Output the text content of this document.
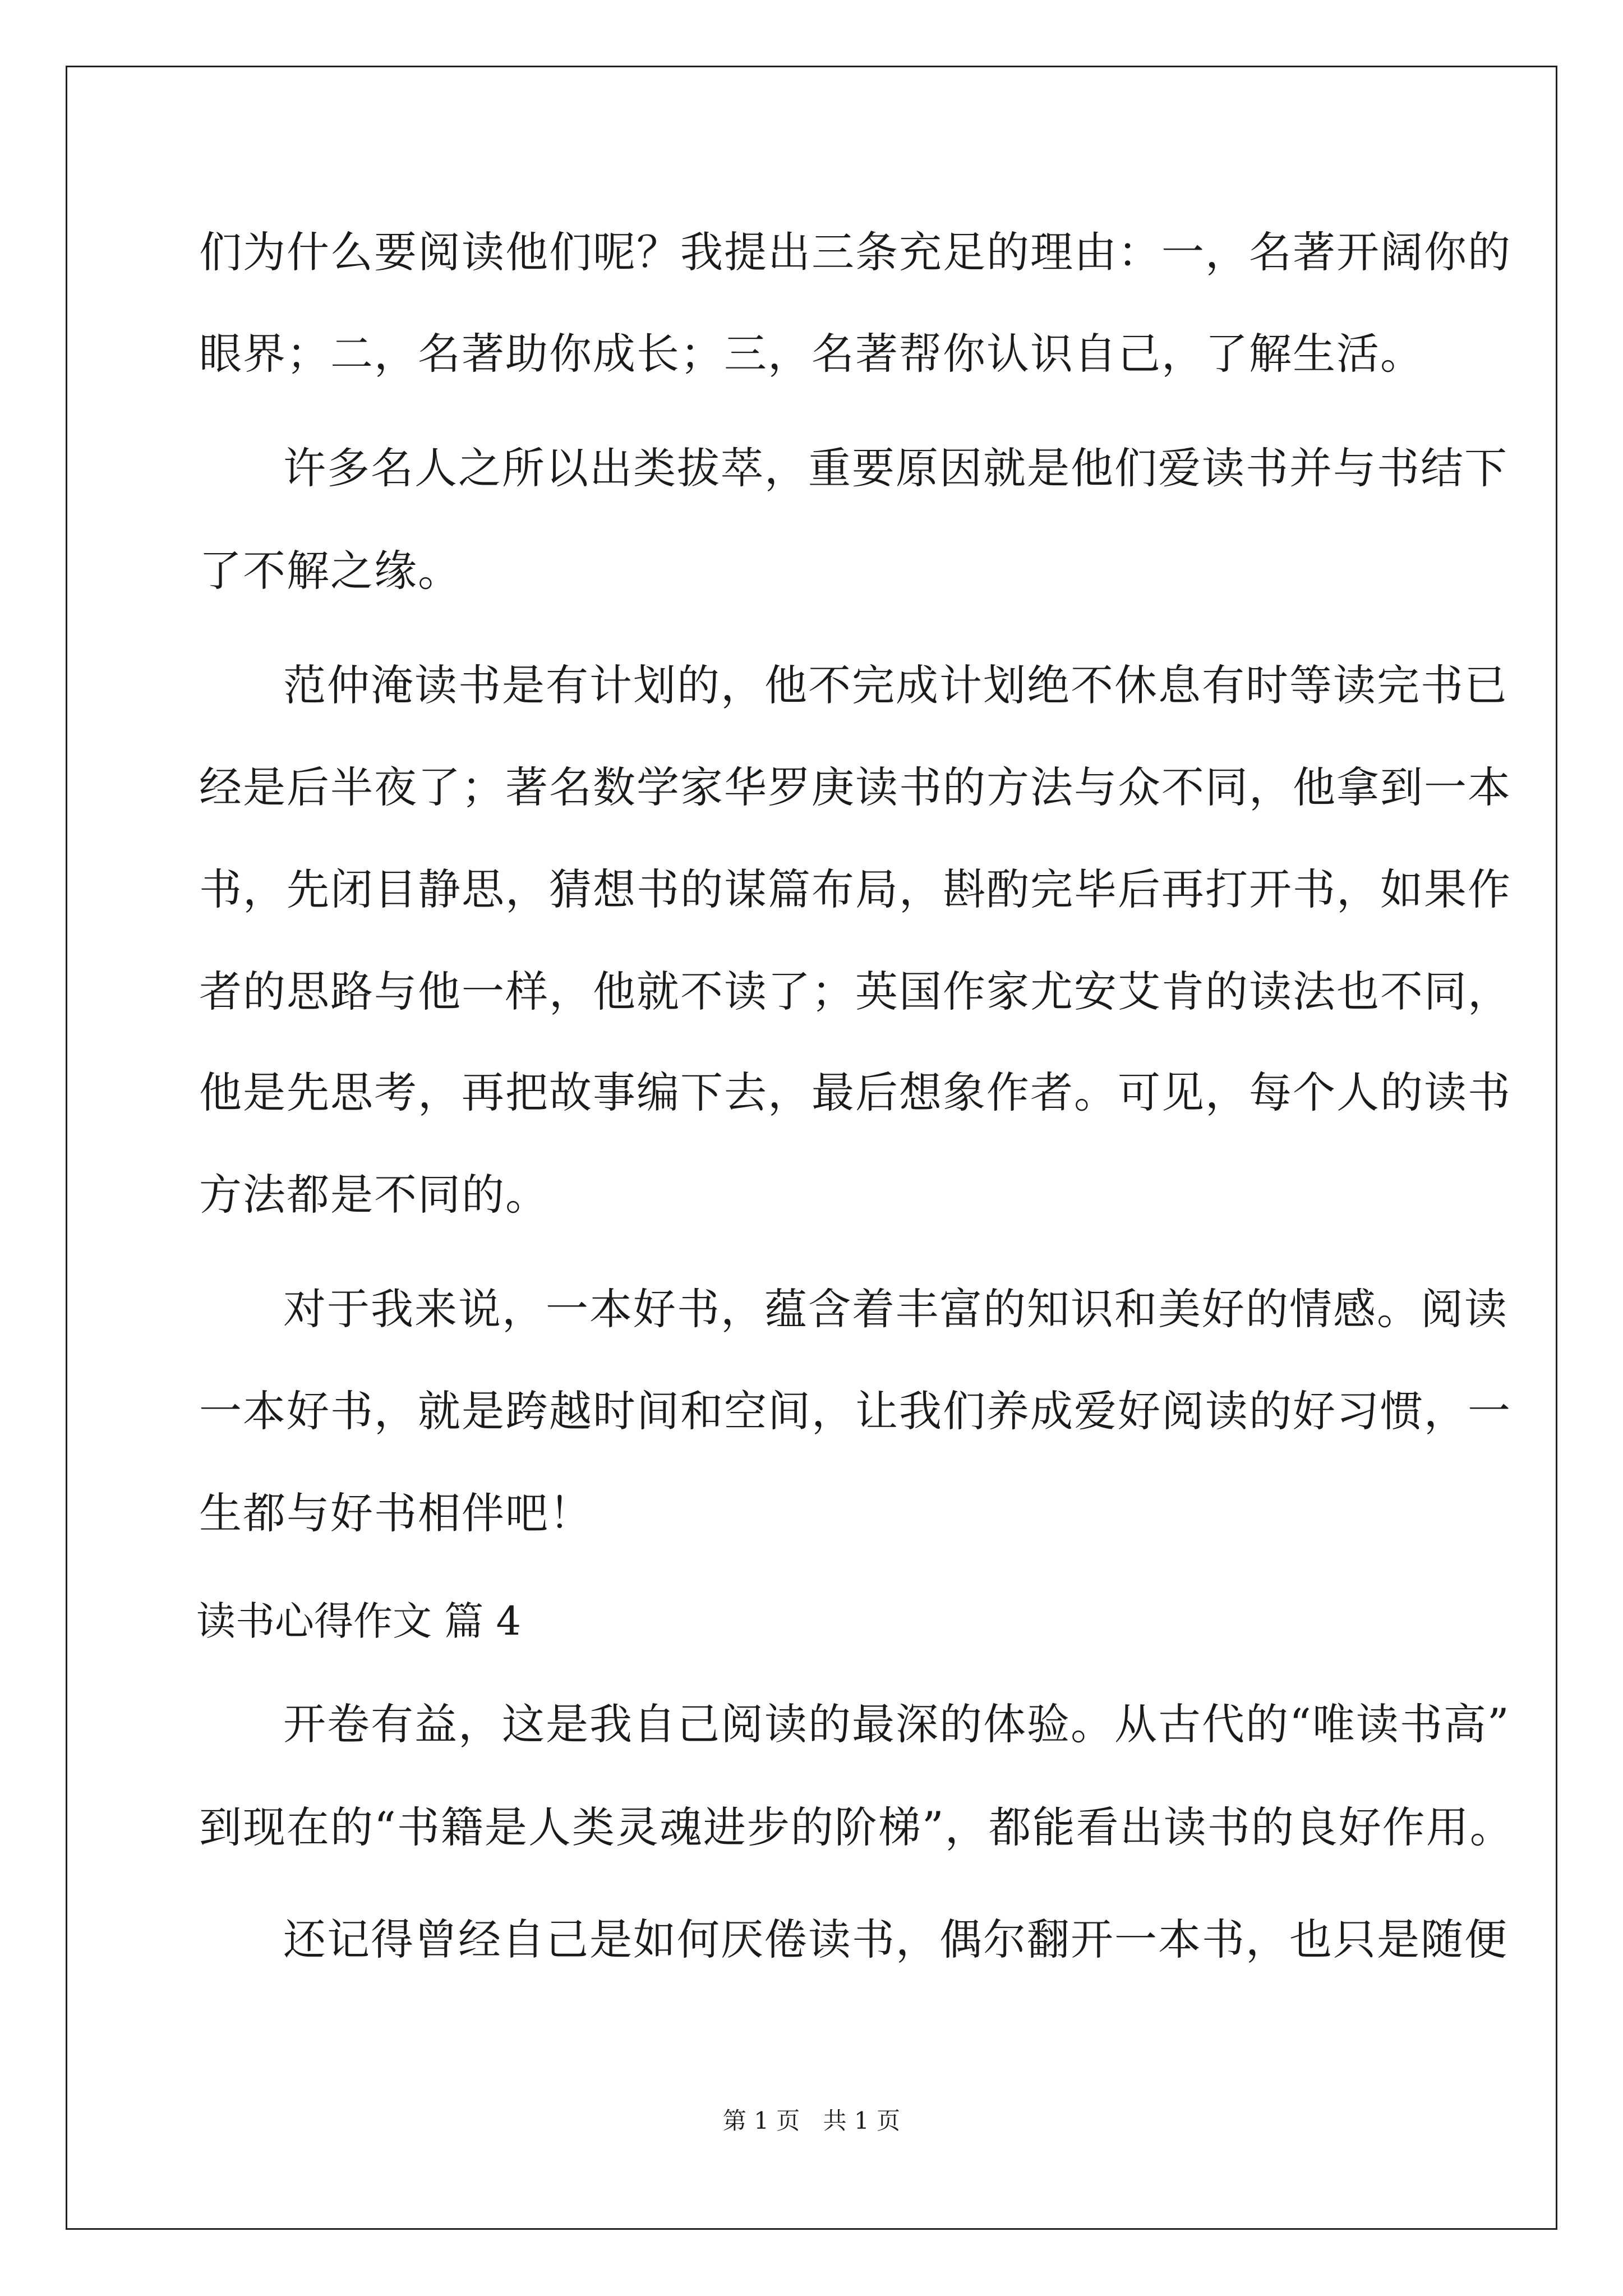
们为什么要阅读他们呢？我提出三条充足的理由：一，名著开阔你的
眼界；二，名著助你成长；三，名著帮你认识自己，了解生活。
许多名人之所以出类拔萃，重要原因就是他们爱读书并与书结下
了不解之缘。
范仲淹读书是有计划的，他不完成计划绝不休息有时等读完书已
经是后半夜了；著名数学家华罗庚读书的方法与众不同，他拿到一本
书，先闭目静思，猜想书的谋篇布局，斟酌完毕后再打开书，如果作
者的思路与他一样，他就不读了；英国作家尤安艾肯的读法也不同，
他是先思考，再把故事编下去，最后想象作者。可见，每个人的读书
方法都是不同的。
对于我来说，一本好书，蕴含着丰富的知识和美好的情感。阅读
一本好书，就是跨越时间和空间，让我们养成爱好阅读的好习惯，一
生都与好书相伴吧！
读书心得作文 篇 4
开卷有益，这是我自己阅读的最深的体验。从古代的“唯读书高”
到现在的“书籍是人类灵魂进步的阶梯”，都能看出读书的良好作用。
还记得曾经自己是如何厌倦读书，偶尔翻开一本书，也只是随便
第 1 页 共 1 页
